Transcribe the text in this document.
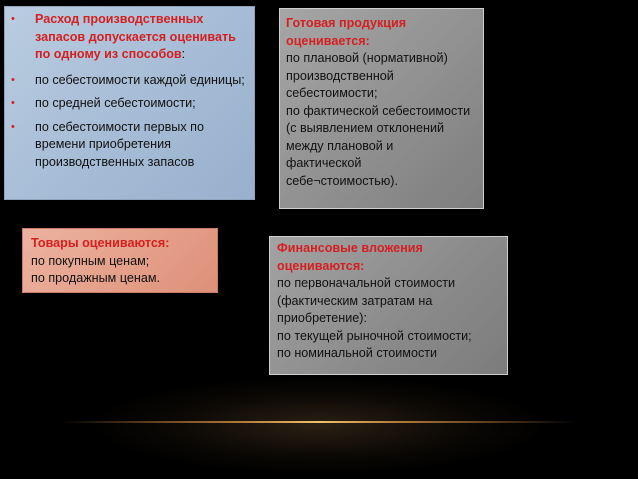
• Расход производственных запасов допускается оценивать по одному из способов:
• по себестоимости каждой единицы;
• по средней себестоимости;
• по себестоимости первых по времени приобретения производственных запасов
Готовая продукция оценивается:
по плановой (нормативной)
производственной
себестоимости;
по фактической себестоимости
(с выявлением отклонений
между плановой и
фактической
себе¬стоимостью).
Товары оцениваются:
по покупным ценам;
по продажным ценам.
Финансовые вложения оцениваются:
по первоначальной стоимости
(фактическим затратам на
приобретение):
по текущей рыночной стоимости;
по номинальной стоимости
